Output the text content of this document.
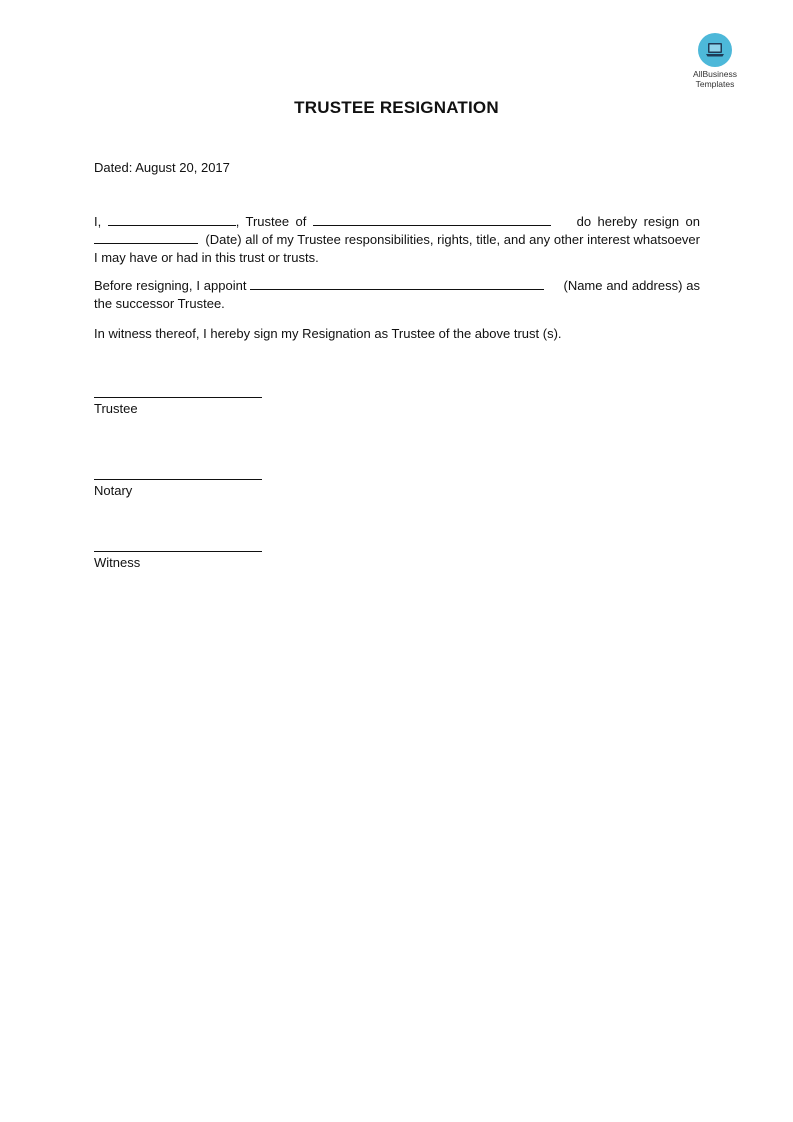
AllBusiness
Templates
TRUSTEE RESIGNATION
Dated: August 20, 2017
I,	, Trustee of	do hereby resign on   (Date) all of my Trustee responsibilities, rights, title, and any other interest whatsoever I may have or had in this trust or trusts.
Before resigning, I appoint	(Name and address) as the successor Trustee.
In witness thereof, I hereby sign my Resignation as Trustee of the above trust (s).
Trustee
Notary
Witness
